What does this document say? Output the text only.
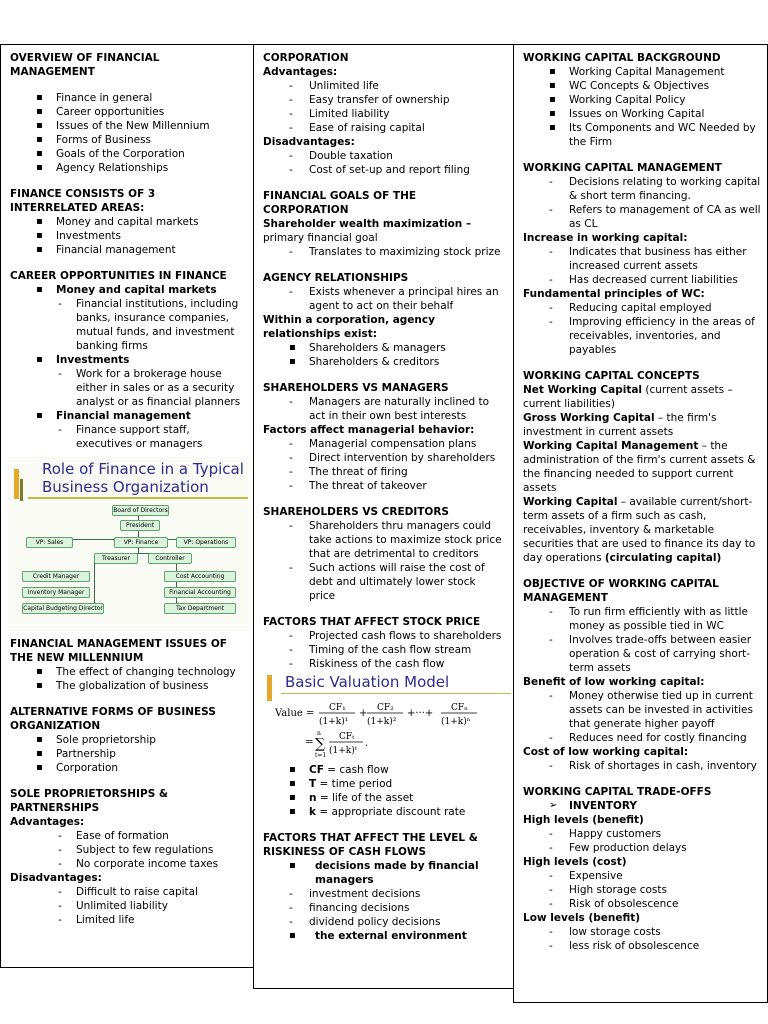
OVERVIEW OF FINANCIAL MANAGEMENT

▪ Finance in general
▪ Career opportunities
▪ Issues of the New Millennium
▪ Forms of Business
▪ Goals of the Corporation
▪ Agency Relationships

FINANCE CONSISTS OF 3 INTERRELATED AREAS:

▪ Money and capital markets
▪ Investments
▪ Financial management

CAREER OPPORTUNITIES IN FINANCE

▪ Money and capital markets
- Financial institutions, including banks, insurance companies, mutual funds, and investment banking firms
▪ Investments
- Work for a brokerage house either in sales or as a security analyst or as financial planners
▪ Financial management
- Finance support staff, executives or managers
Role of Finance in a Typical
Business Organization
Board of Directors
President
VP: Sales	VP: Finance	VP: Operations
Treasurer	Controller
Credit Manager
Inventory Manager
Capital Budgeting Director
Cost Accounting
Financial Accounting
Tax Department

FINANCIAL MANAGEMENT ISSUES OF THE NEW MILLENNIUM

▪ The effect of changing technology
▪ The globalization of business

ALTERNATIVE FORMS OF BUSINESS ORGANIZATION

▪ Sole proprietorship
▪ Partnership
▪ Corporation

SOLE PROPRIETORSHIPS & PARTNERSHIPS

Advantages:

- Ease of formation
- Subject to few regulations
- No corporate income taxes

Disadvantages:

- Difficult to raise capital
- Unlimited liability
- Limited life

CORPORATION

Advantages:

- Unlimited life
- Easy transfer of ownership
- Limited liability
- Ease of raising capital

Disadvantages:

- Double taxation
- Cost of set-up and report filing

FINANCIAL GOALS OF THE CORPORATION

Shareholder wealth maximization – primary financial goal

- Translates to maximizing stock prize

AGENCY RELATIONSHIPS

- Exists whenever a principal hires an agent to act on their behalf

Within a corporation, agency relationships exist:

▪ Shareholders & managers
▪ Shareholders & creditors

SHAREHOLDERS VS MANAGERS

- Managers are naturally inclined to act in their own best interests

Factors affect managerial behavior:

- Managerial compensation plans
- Direct intervention by shareholders
- The threat of firing
- The threat of takeover

SHAREHOLDERS VS CREDITORS

- Shareholders thru managers could take actions to maximize stock price that are detrimental to creditors
- Such actions will raise the cost of debt and ultimately lower stock price

FACTORS THAT AFFECT STOCK PRICE

- Projected cash flows to shareholders
- Timing of the cash flow stream
- Riskiness of the cash flow
Basic Valuation Model
Value = CF₁
(1+k)¹
+ CF₂
(1+k)²
+···+ CFₙ
(1+k)ⁿ
= ∑
n
t=1
CFₜ
(1+k)ᵗ
.
▪ CF = cash flow
▪ T = time period
▪ n = life of the asset
▪ k = appropriate discount rate

FACTORS THAT AFFECT THE LEVEL & RISKINESS OF CASH FLOWS

▪ decisions made by financial managers
- investment decisions
- financing decisions
- dividend policy decisions
▪ the external environment

WORKING CAPITAL BACKGROUND

▪ Working Capital Management
▪ WC Concepts & Objectives
▪ Working Capital Policy
▪ Issues on Working Capital
▪ Its Components and WC Needed by the Firm

WORKING CAPITAL MANAGEMENT

- Decisions relating to working capital & short term financing.
- Refers to management of CA as well as CL

Increase in working capital:

- Indicates that business has either increased current assets
- Has decreased current liabilities

Fundamental principles of WC:

- Reducing capital employed
- Improving efficiency in the areas of receivables, inventories, and payables

WORKING CAPITAL CONCEPTS

Net Working Capital (current assets – current liabilities)

Gross Working Capital – the firm's investment in current assets

Working Capital Management – the administration of the firm's current assets & the financing needed to support current assets

Working Capital – available current/short-term assets of a firm such as cash, receivables, inventory & marketable securities that are used to finance its day to day operations (circulating capital)

OBJECTIVE OF WORKING CAPITAL MANAGEMENT

- To run firm efficiently with as little money as possible tied in WC
- Involves trade-offs between easier operation & cost of carrying short-term assets

Benefit of low working capital:

- Money otherwise tied up in current assets can be invested in activities that generate higher payoff
- Reduces need for costly financing

Cost of low working capital:

- Risk of shortages in cash, inventory

WORKING CAPITAL TRADE-OFFS

➢ INVENTORY

High levels (benefit)

- Happy customers
- Few production delays

High levels (cost)

- Expensive
- High storage costs
- Risk of obsolescence

Low levels (benefit)

- low storage costs
- less risk of obsolescence
